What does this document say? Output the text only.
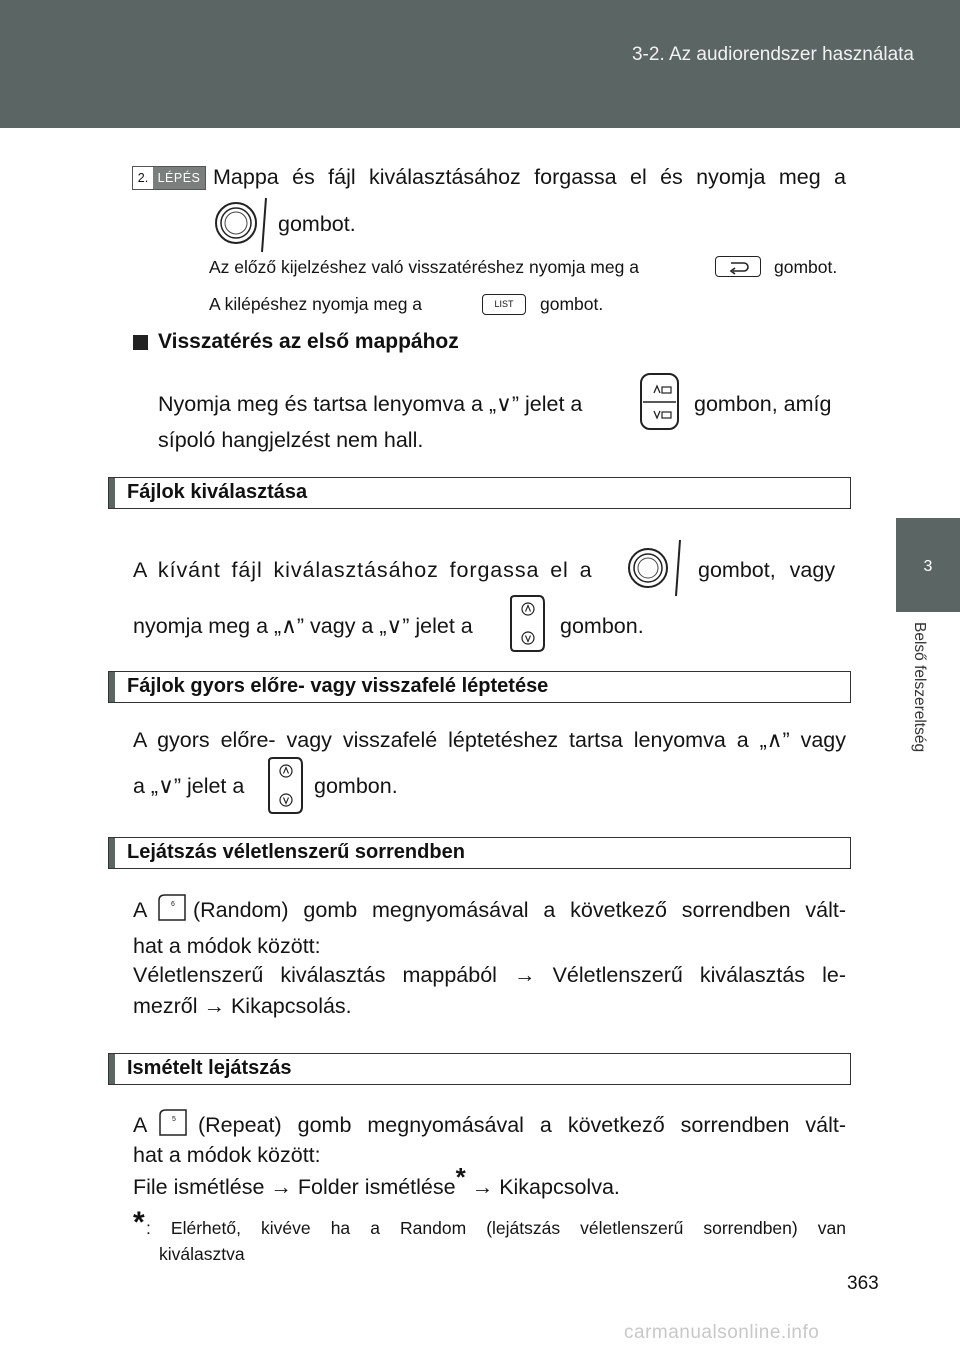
3-2. Az audiorendszer használata
3
Belső felszereltség
2. LÉPÉS Mappa és fájl kiválasztásához forgassa el és nyomja meg a
gombot.
Az előző kijelzéshez való visszatéréshez nyomja meg a	gombot.
A kilépéshez nyomja meg a	LIST	gombot.
Visszatérés az első mappához
Nyomja meg és tartsa lenyomva a „∨” jelet a	gombon, amíg
sípoló hangjelzést nem hall.
Fájlok kiválasztása
A kívánt fájl kiválasztásához forgassa el a	gombot, vagy
nyomja meg a „∧” vagy a „∨” jelet a	gombon.
Fájlok gyors előre- vagy visszafelé léptetése
A gyors előre- vagy visszafelé léptetéshez tartsa lenyomva a „∧” vagy
a „∨” jelet a	gombon.
Lejátszás véletlenszerű sorrendben
A	6 (Random) gomb megnyomásával a következő sorrendben vált-
hat a módok között:
Véletlenszerű kiválasztás mappából → Véletlenszerű kiválasztás le-
mezről → Kikapcsolás.
Ismételt lejátszás
A	5 (Repeat) gomb megnyomásával a következő sorrendben vált-
hat a módok között:
File ismétlése → Folder ismétlése* → Kikapcsolva.
* : Elérhető, kivéve ha a Random (lejátszás véletlenszerű sorrendben) van
kiválasztva
363
carmanualsonline.info
